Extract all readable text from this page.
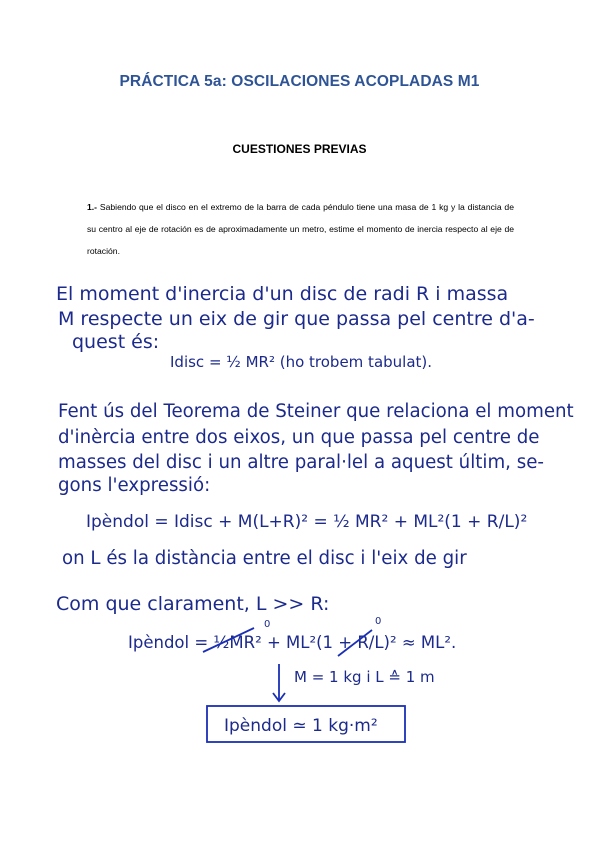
PRÁCTICA 5a: OSCILACIONES ACOPLADAS M1
CUESTIONES PREVIAS
1.- Sabiendo que el disco en el extremo de la barra de cada péndulo tiene una masa de 1 kg y la distancia de su centro al eje de rotación es de aproximadamente un metro, estime el momento de inercia respecto al eje de rotación.
El moment d'inercia d'un disc de radi R i massa
M respecte un eix de gir que passa pel centre d'a-
quest és:
Idisc = ½ MR² (ho trobem tabulat).
Fent ús del Teorema de Steiner que relaciona el moment
d'inèrcia entre dos eixos, un que passa pel centre de
masses del disc i un altre paral·lel a aquest últim, se-
gons l'expressió:
Ipèndol = Idisc + M(L+R)² = ½ MR² + ML²(1 + R/L)²
on L és la distància entre el disc i l'eix de gir
Com que clarament, L >> R:
Ipèndol = ½MR² + ML²(1 + R/L)² ≈ ML².
0	0
M = 1 kg i L ≙ 1 m
Ipèndol ≃ 1 kg·m²
